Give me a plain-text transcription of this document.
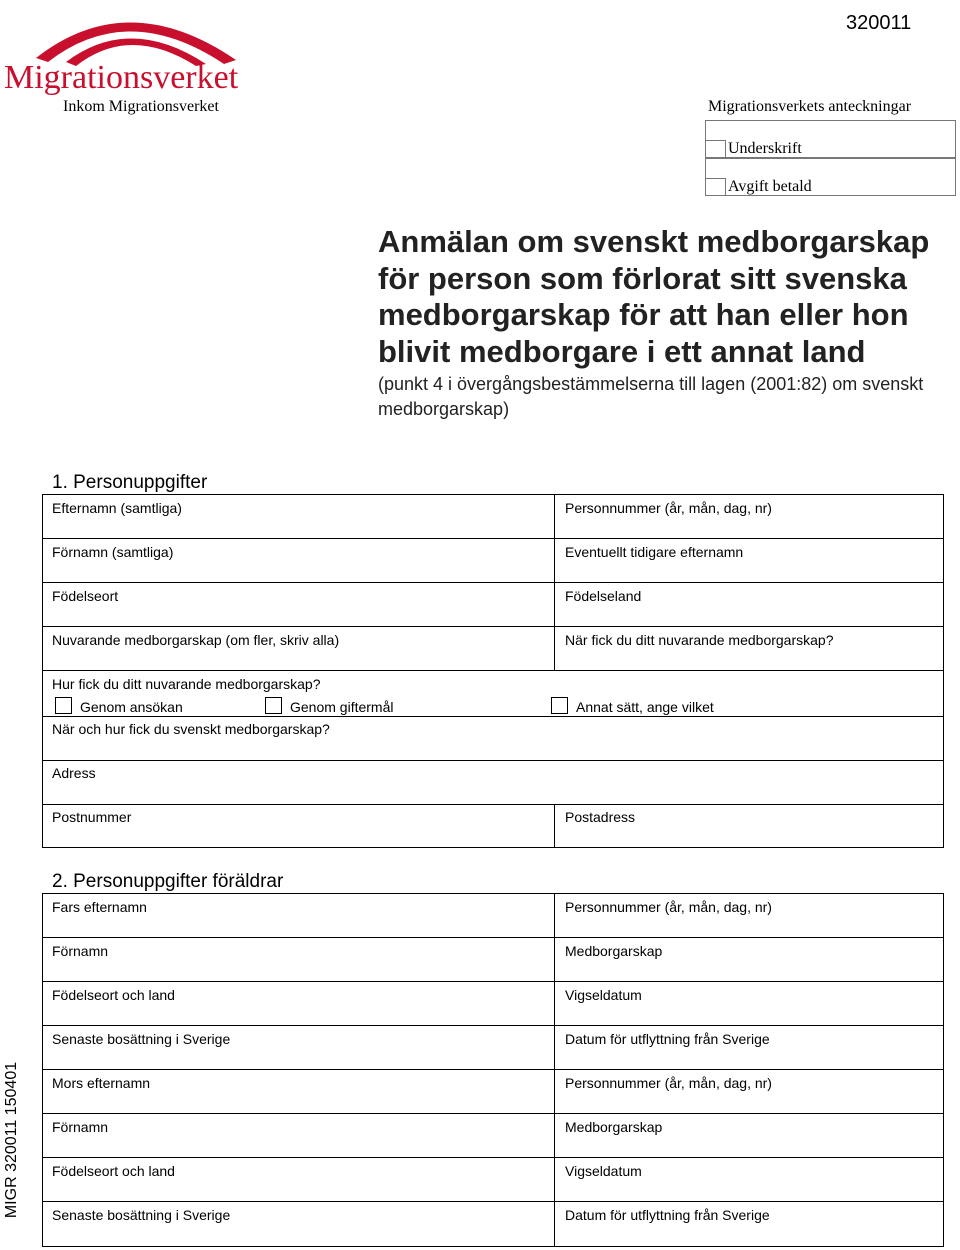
320011
Migrationsverket
Inkom Migrationsverket	Migrationsverkets anteckningar
Underskrift
Avgift betald
Anmälan om svenskt medborgarskap för person som förlorat sitt svenska medborgarskap för att han eller hon blivit medborgare i ett annat land
(punkt 4 i övergångsbestämmelserna till lagen (2001:82) om svenskt medborgarskap)
1. Personuppgifter
Efternamn (samtliga)	Personnummer (år, mån, dag, nr)
Förnamn (samtliga)	Eventuellt tidigare efternamn
Födelseort	Födelseland
Nuvarande medborgarskap (om fler, skriv alla)	När fick du ditt nuvarande medborgarskap?
Hur fick du ditt nuvarande medborgarskap?
Genom ansökan	Genom giftermål	Annat sätt, ange vilket
När och hur fick du svenskt medborgarskap?
Adress
Postnummer	Postadress
2. Personuppgifter föräldrar
Fars efternamn	Personnummer (år, mån, dag, nr)
Förnamn	Medborgarskap
Födelseort och land	Vigseldatum
Senaste bosättning i Sverige	Datum för utflyttning från Sverige
Mors efternamn	Personnummer (år, mån, dag, nr)
Förnamn	Medborgarskap
Födelseort och land	Vigseldatum
Senaste bosättning i Sverige	Datum för utflyttning från Sverige
MIGR 320011 150401
